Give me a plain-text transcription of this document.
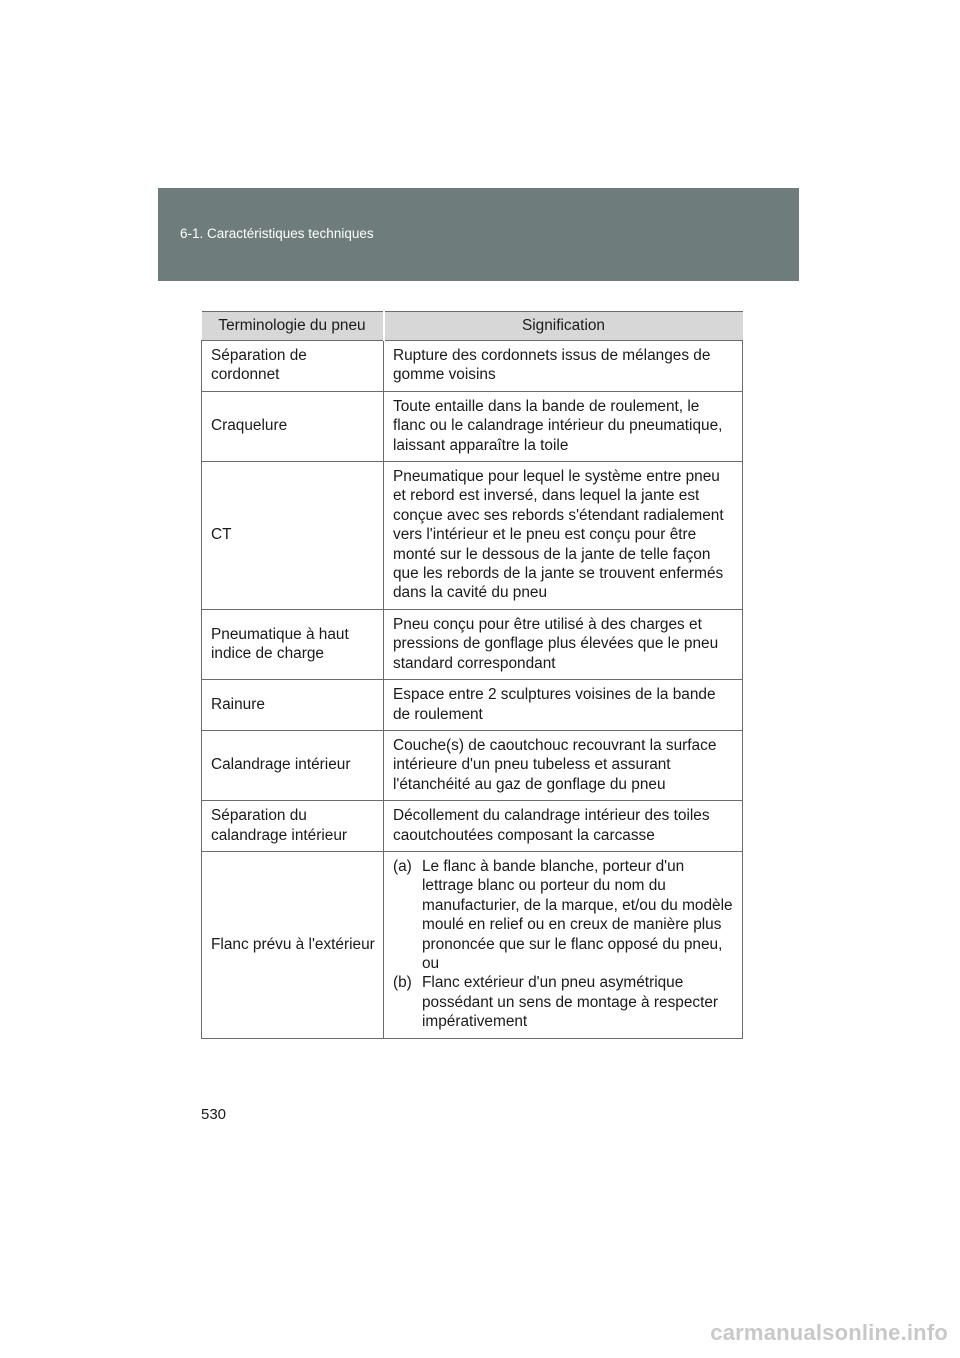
6-1. Caractéristiques techniques
Terminologie du pneu	Signification
Séparation de cordonnet	Rupture des cordonnets issus de mélanges de gomme voisins
Craquelure	Toute entaille dans la bande de roulement, le flanc ou le calandrage intérieur du pneumatique, laissant apparaître la toile
CT	Pneumatique pour lequel le système entre pneu et rebord est inversé, dans lequel la jante est conçue avec ses rebords s'étendant radialement vers l'intérieur et le pneu est conçu pour être monté sur le dessous de la jante de telle façon que les rebords de la jante se trouvent enfermés dans la cavité du pneu
Pneumatique à haut indice de charge	Pneu conçu pour être utilisé à des charges et pressions de gonflage plus élevées que le pneu standard correspondant
Rainure	Espace entre 2 sculptures voisines de la bande de roulement
Calandrage intérieur	Couche(s) de caoutchouc recouvrant la surface intérieure d'un pneu tubeless et assurant l'étanchéité au gaz de gonflage du pneu
Séparation du calandrage intérieur	Décollement du calandrage intérieur des toiles caoutchoutées composant la carcasse
Flanc prévu à l'extérieur	(a) Le flanc à bande blanche, porteur d'un lettrage blanc ou porteur du nom du manufacturier, de la marque, et/ou du modèle moulé en relief ou en creux de manière plus prononcée que sur le flanc opposé du pneu, ou
(b) Flanc extérieur d'un pneu asymétrique possédant un sens de montage à respecter impérativement
530
carmanualsonline.info
